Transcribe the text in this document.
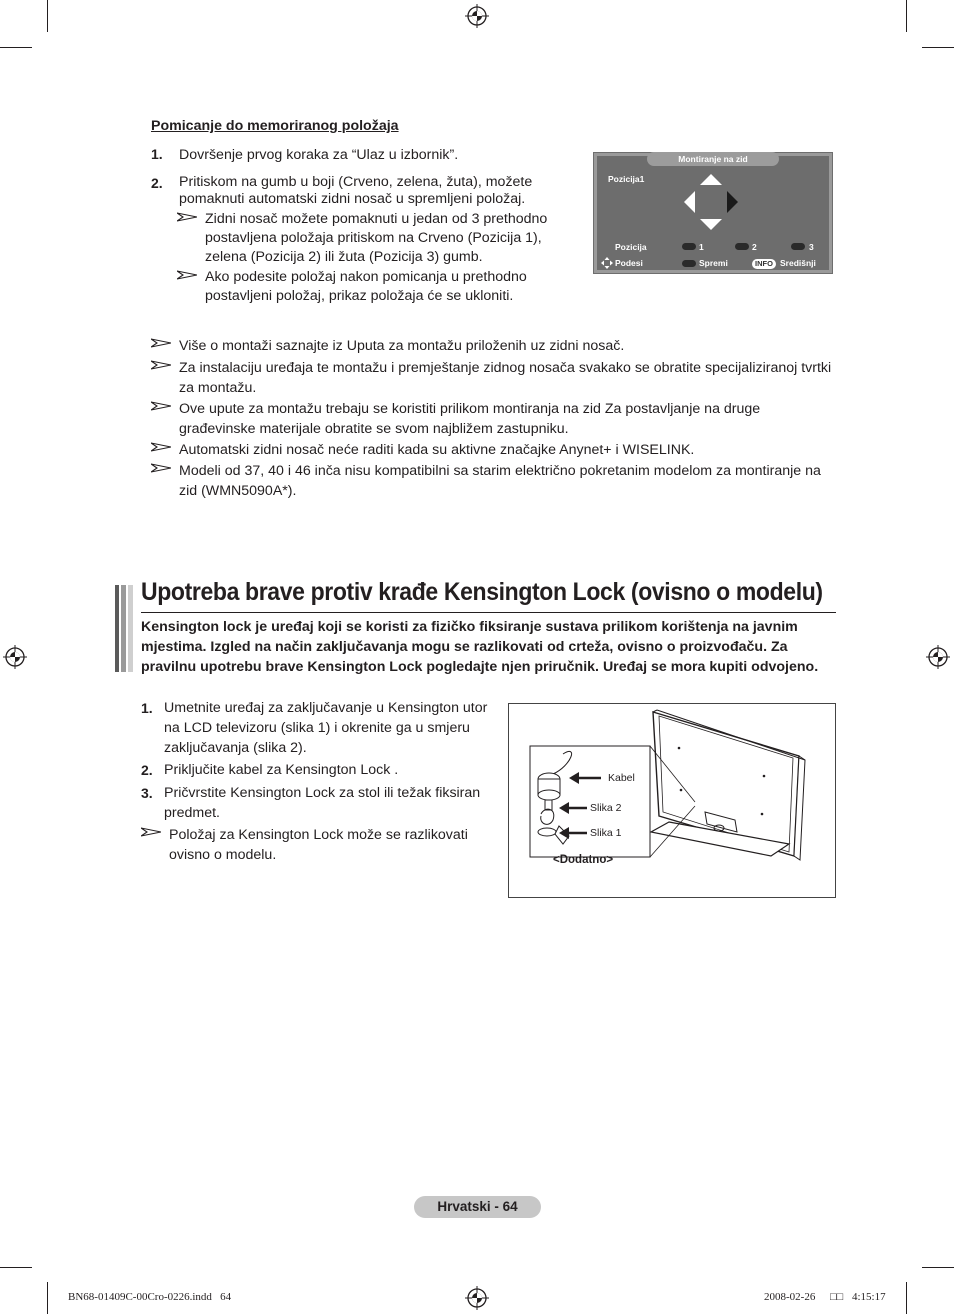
Pomicanje do memoriranog položaja
1. Dovršenje prvog koraka za “Ulaz u izbornik”.
2. Pritiskom na gumb u boji (Crveno, zelena, žuta), možete pomaknuti automatski zidni nosač u spremljeni položaj.
Zidni nosač možete pomaknuti u jedan od 3 prethodno postavljena položaja pritiskom na Crveno (Pozicija 1), zelena (Pozicija 2) ili žuta (Pozicija 3) gumb.
Ako podesite položaj nakon pomicanja u prethodno postavljeni položaj, prikaz položaja će se ukloniti.
Montiranje na zid
Pozicija1
Pozicija	1	2	3
Podesi	Spremi	INFO Središnji
Više o montaži saznajte iz Uputa za montažu priloženih uz zidni nosač.
Za instalaciju uređaja te montažu i premještanje zidnog nosača svakako se obratite specijaliziranoj tvrtki za montažu.
Ove upute za montažu trebaju se koristiti prilikom montiranja na zid Za postavljanje na druge građevinske materijale obratite se svom najbližem zastupniku.
Automatski zidni nosač neće raditi kada su aktivne značajke Anynet+ i WISELINK.
Modeli od 37, 40 i 46 inča nisu kompatibilni sa starim električno pokretanim modelom za montiranje na zid (WMN5090A*).
Upotreba brave protiv krađe Kensington Lock (ovisno o modelu)
Kensington lock je uređaj koji se koristi za fizičko fiksiranje sustava prilikom korištenja na javnim mjestima. Izgled na način zaključavanja mogu se razlikovati od crteža, ovisno o proizvođaču. Za pravilnu upotrebu brave Kensington Lock pogledajte njen priručnik. Uređaj se mora kupiti odvojeno.
1. Umetnite uređaj za zaključavanje u Kensington utor na LCD televizoru (slika 1) i okrenite ga u smjeru zaključavanja (slika 2).
2. Priključite kabel za Kensington Lock .
3. Pričvrstite Kensington Lock za stol ili težak fiksiran predmet.
Položaj za Kensington Lock može se razlikovati ovisno o modelu.
Kabel
Slika 2
Slika 1
<Dodatno>
Hrvatski - 64
BN68-01409C-00Cro-0226.indd   64	2008-02-26 □□ 4:15:17
